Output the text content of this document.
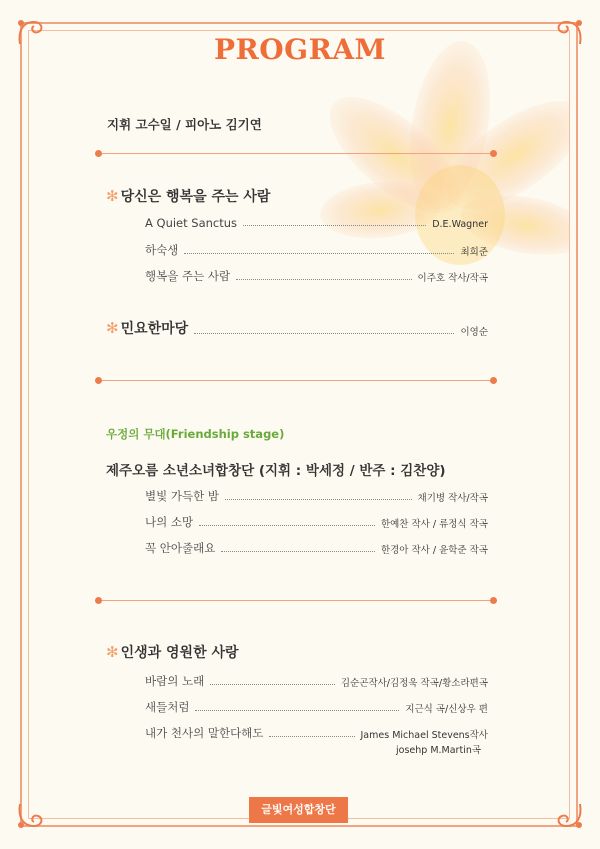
PROGRAM
지휘 고수일 / 피아노 김기연
✻ 당신은 행복을 주는 사람
A Quiet Sanctus	D.E.Wagner
하숙생	최희준
행복을 주는 사람	이주호 작사/작곡
✻ 민요한마당	이영순
우정의 무대(Friendship stage)
제주오름 소년소녀합창단 (지휘 : 박세정 / 반주 : 김찬양)
별빛 가득한 밤	채기병 작사/작곡
나의 소망	한예찬 작사 / 류정식 작곡
꼭 안아줄래요	한경아 작사 / 윤학준 작곡
✻ 인생과 영원한 사랑
바람의 노래	김순곤작사/김정욱 작곡/황소라편곡
새들처럼	지근식 곡/신상우 편
내가 천사의 말한다해도	James Michael Stevens작사
josehp M.Martin곡
글빛여성합창단
